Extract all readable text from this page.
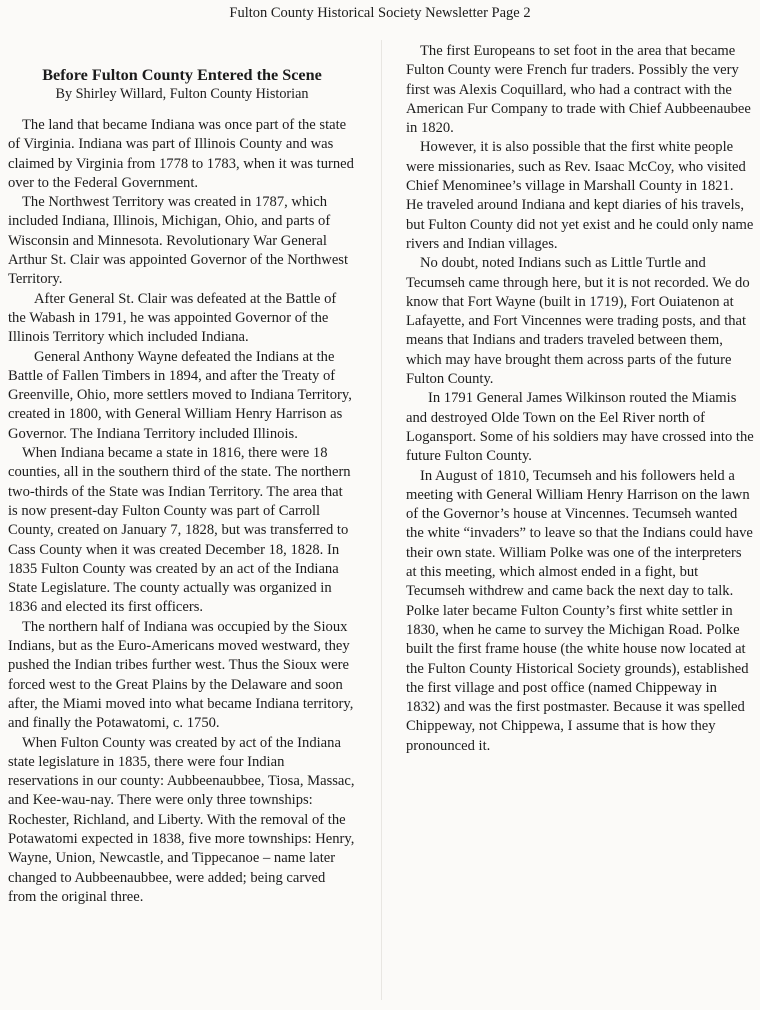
Fulton County Historical Society Newsletter Page 2
Before Fulton County Entered the Scene
By Shirley Willard, Fulton County Historian

The land that became Indiana was once part of the state of Virginia. Indiana was part of Illinois County and was claimed by Virginia from 1778 to 1783, when it was turned over to the Federal Government.

The Northwest Territory was created in 1787, which included Indiana, Illinois, Michigan, Ohio, and parts of Wisconsin and Minnesota. Revolutionary War General Arthur St. Clair was appointed Governor of the Northwest Territory.

After General St. Clair was defeated at the Battle of the Wabash in 1791, he was appointed Governor of the Illinois Territory which included Indiana.

General Anthony Wayne defeated the Indians at the Battle of Fallen Timbers in 1894, and after the Treaty of Greenville, Ohio, more settlers moved to Indiana Territory, created in 1800, with General William Henry Harrison as Governor. The Indiana Territory included Illinois.

When Indiana became a state in 1816, there were 18 counties, all in the southern third of the state. The northern two-thirds of the State was Indian Territory. The area that is now present-day Fulton County was part of Carroll County, created on January 7, 1828, but was transferred to Cass County when it was created December 18, 1828. In 1835 Fulton County was created by an act of the Indiana State Legislature. The county actually was organized in 1836 and elected its first officers.

The northern half of Indiana was occupied by the Sioux Indians, but as the Euro-Americans moved westward, they pushed the Indian tribes further west. Thus the Sioux were forced west to the Great Plains by the Delaware and soon after, the Miami moved into what became Indiana territory, and finally the Potawatomi, c. 1750.

When Fulton County was created by act of the Indiana state legislature in 1835, there were four Indian reservations in our county: Aubbeenaubbee, Tiosa, Massac, and Kee-wau-nay. There were only three townships: Rochester, Richland, and Liberty. With the removal of the Potawatomi expected in 1838, five more townships: Henry, Wayne, Union, Newcastle, and Tippecanoe – name later changed to Aubbeenaubbee, were added; being carved from the original three.

The first Europeans to set foot in the area that became Fulton County were French fur traders. Possibly the very first was Alexis Coquillard, who had a contract with the American Fur Company to trade with Chief Aubbeenaubee in 1820.

However, it is also possible that the first white people were missionaries, such as Rev. Isaac McCoy, who visited Chief Menominee’s village in Marshall County in 1821. He traveled around Indiana and kept diaries of his travels, but Fulton County did not yet exist and he could only name rivers and Indian villages.

No doubt, noted Indians such as Little Turtle and Tecumseh came through here, but it is not recorded. We do know that Fort Wayne (built in 1719), Fort Ouiatenon at Lafayette, and Fort Vincennes were trading posts, and that means that Indians and traders traveled between them, which may have brought them across parts of the future Fulton County.

In 1791 General James Wilkinson routed the Miamis and destroyed Olde Town on the Eel River north of Logansport. Some of his soldiers may have crossed into the future Fulton County.

In August of 1810, Tecumseh and his followers held a meeting with General William Henry Harrison on the lawn of the Governor’s house at Vincennes. Tecumseh wanted the white “invaders” to leave so that the Indians could have their own state. William Polke was one of the interpreters at this meeting, which almost ended in a fight, but Tecumseh withdrew and came back the next day to talk. Polke later became Fulton County’s first white settler in 1830, when he came to survey the Michigan Road. Polke built the first frame house (the white house now located at the Fulton County Historical Society grounds), established the first village and post office (named Chippeway in 1832) and was the first postmaster. Because it was spelled Chippeway, not Chippewa, I assume that is how they pronounced it.
